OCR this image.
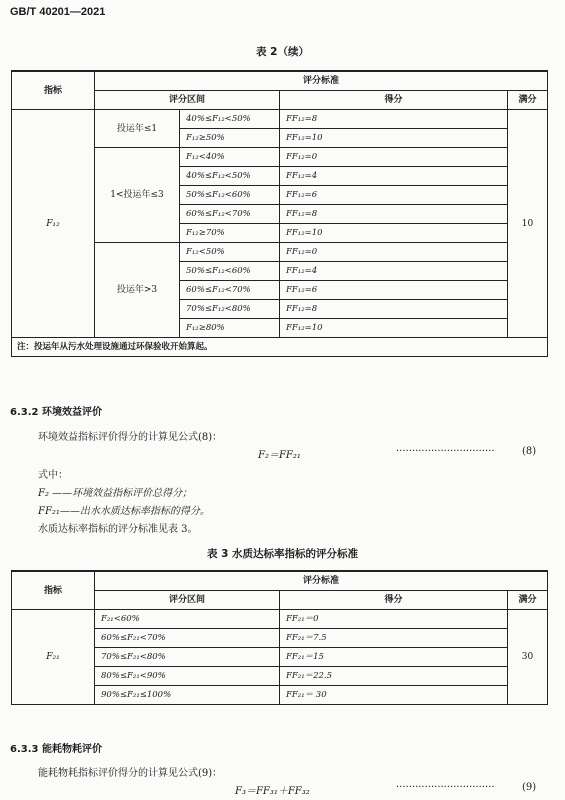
GB/T 40201—2021
表 2（续）
指标	评分标准			
	评分区间		得分	满分
F₁₂	投运年≤1	40%≤F₁₂<50%	FF₁₂=8	10
		F₁₂≥50%	FF₁₂=10	
	1<投运年≤3	F₁₂<40%	FF₁₂=0	
		40%≤F₁₂<50%	FF₁₂=4	
		50%≤F₁₂<60%	FF₁₂=6	
		60%≤F₁₂<70%	FF₁₂=8	
		F₁₂≥70%	FF₁₂=10	
	投运年>3	F₁₂<50%	FF₁₂=0	
		50%≤F₁₂<60%	FF₁₂=4	
		60%≤F₁₂<70%	FF₁₂=6	
		70%≤F₁₂<80%	FF₁₂=8	
		F₁₂≥80%	FF₁₂=10	
注：投运年从污水处理设施通过环保验收开始算起。				
6.3.2 环境效益评价
环境效益指标评价得分的计算见公式(8)：
F₂＝FF₂₁	·······························	(8)
式中：
F₂ ——环境效益指标评价总得分；
FF₂₁——出水水质达标率指标的得分。
水质达标率指标的评分标准见表 3。
表 3 水质达标率指标的评分标准
指标	评分标准		
	评分区间	得分	满分
F₂₁	F₂₁<60%	FF₂₁＝0	30
	60%≤F₂₁<70%	FF₂₁＝7.5	
	70%≤F₂₁<80%	FF₂₁＝15	
	80%≤F₂₁<90%	FF₂₁＝22.5	
	90%≤F₂₁≤100%	FF₂₁＝ 30	
6.3.3 能耗物耗评价
能耗物耗指标评价得分的计算见公式(9)：
F₃＝FF₃₁＋FF₃₂	·······························	(9)
